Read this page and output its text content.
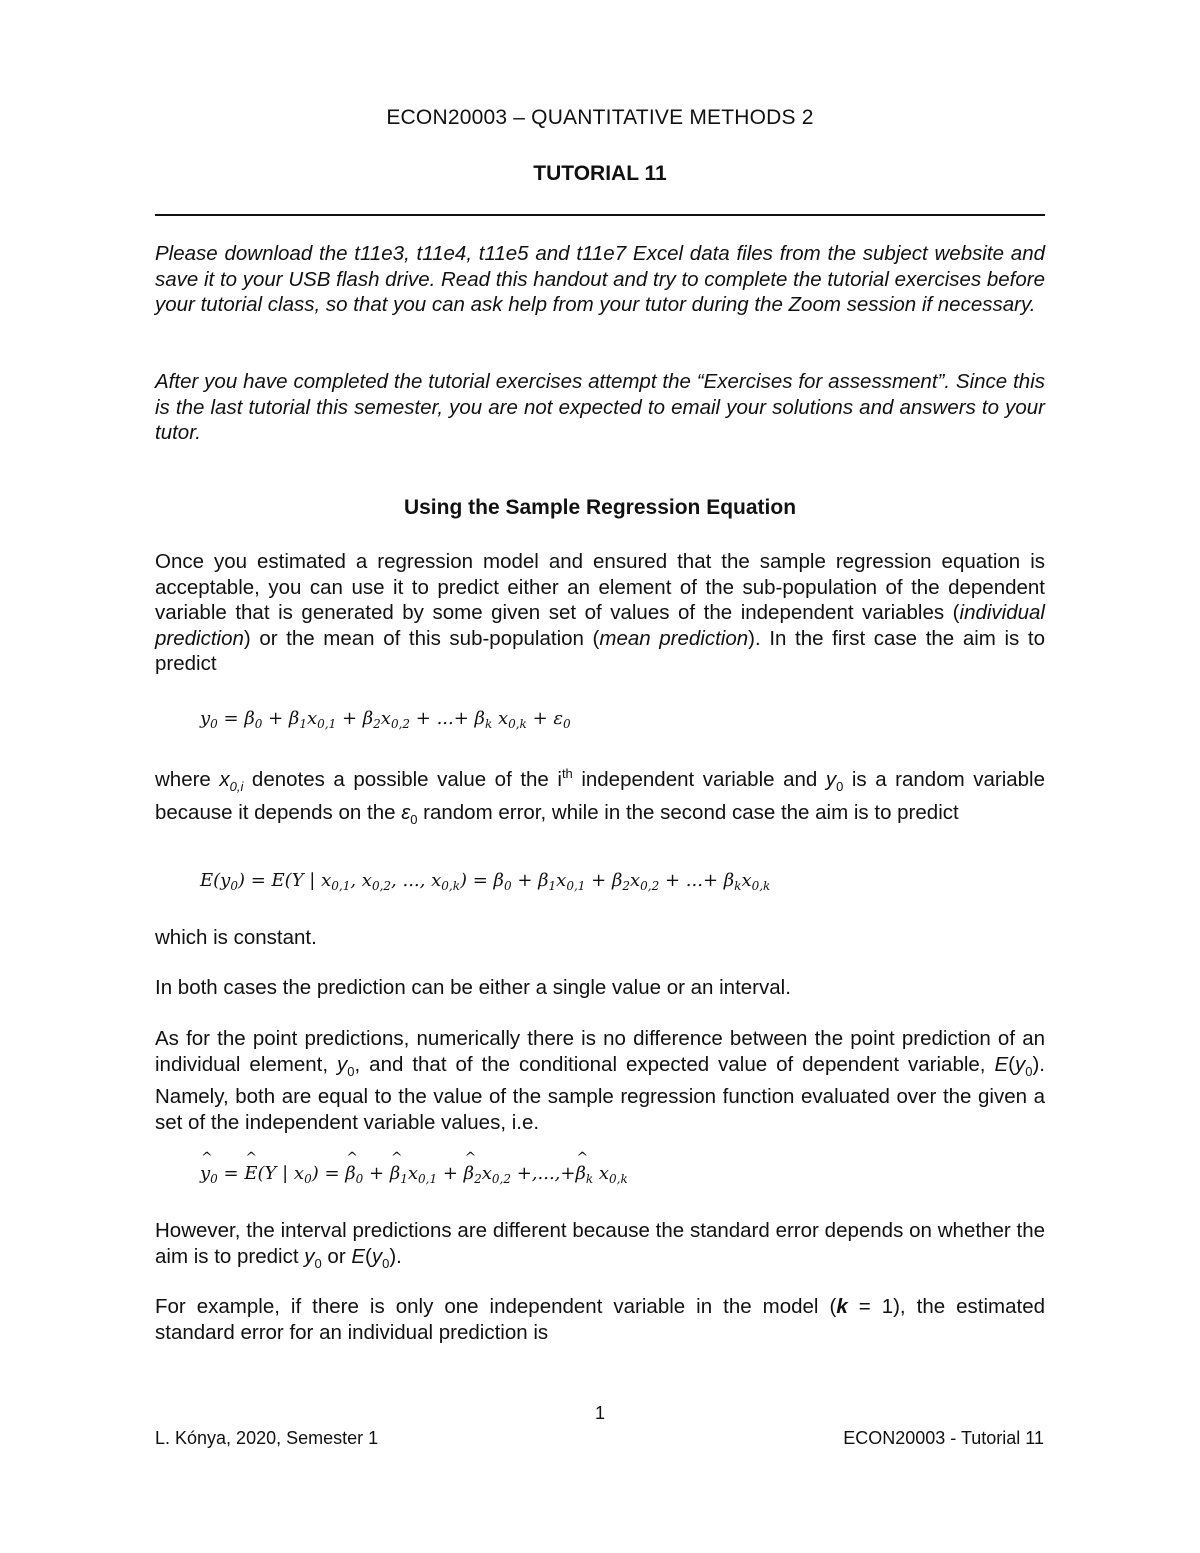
ECON20003 – QUANTITATIVE METHODS 2
TUTORIAL 11
Please download the t11e3, t11e4, t11e5 and t11e7 Excel data files from the subject website and save it to your USB flash drive. Read this handout and try to complete the tutorial exercises before your tutorial class, so that you can ask help from your tutor during the Zoom session if necessary.
After you have completed the tutorial exercises attempt the “Exercises for assessment”. Since this is the last tutorial this semester, you are not expected to email your solutions and answers to your tutor.
Using the Sample Regression Equation
Once you estimated a regression model and ensured that the sample regression equation is acceptable, you can use it to predict either an element of the sub-population of the dependent variable that is generated by some given set of values of the independent variables (individual prediction) or the mean of this sub-population (mean prediction). In the first case the aim is to predict
$y_0 = \beta_0 + \beta_1x_{0,1} + \beta_2x_{0,2}$ + ...+ $\beta_k$ $x_{0,k} + \varepsilon_0$
where $x_{0,i}$ denotes a possible value of the $i^{th}$ independent variable and $y_0$ is a random variable because it depends on the $\varepsilon_0$ random error, while in the second case the aim is to predict
$E(y_0) = E(Y$ | $x_{0,1}$, $x_{0,2}$, ..., $x_{0,k}) = \beta_0 + \beta_1x_{0,1} + \beta_2x_{0,2}$ + ...+ $\beta_kx_{0,k}$
which is constant.
In both cases the prediction can be either a single value or an interval.
As for the point predictions, numerically there is no difference between the point prediction of an individual element, $y_0$, and that of the conditional expected value of dependent variable, $E(y_0)$. Namely, both are equal to the value of the sample regression function evaluated over the given a set of the independent variable values, i.e.
^ $y_0$ = ^ E(Y | $x_0$) = ^ $\beta_0$ + ^ $\beta_1x_{0,1}$ + ^ $\beta_2x_{0,2}$ +,...,+^ $\beta_k$ $x_{0,k}$
However, the interval predictions are different because the standard error depends on whether the aim is to predict $y_0$ or $E(y_0)$.
For example, if there is only one independent variable in the model (k = 1), the estimated standard error for an individual prediction is
1
L. Kónya, 2020, Semester 1	ECON20003 - Tutorial 11
